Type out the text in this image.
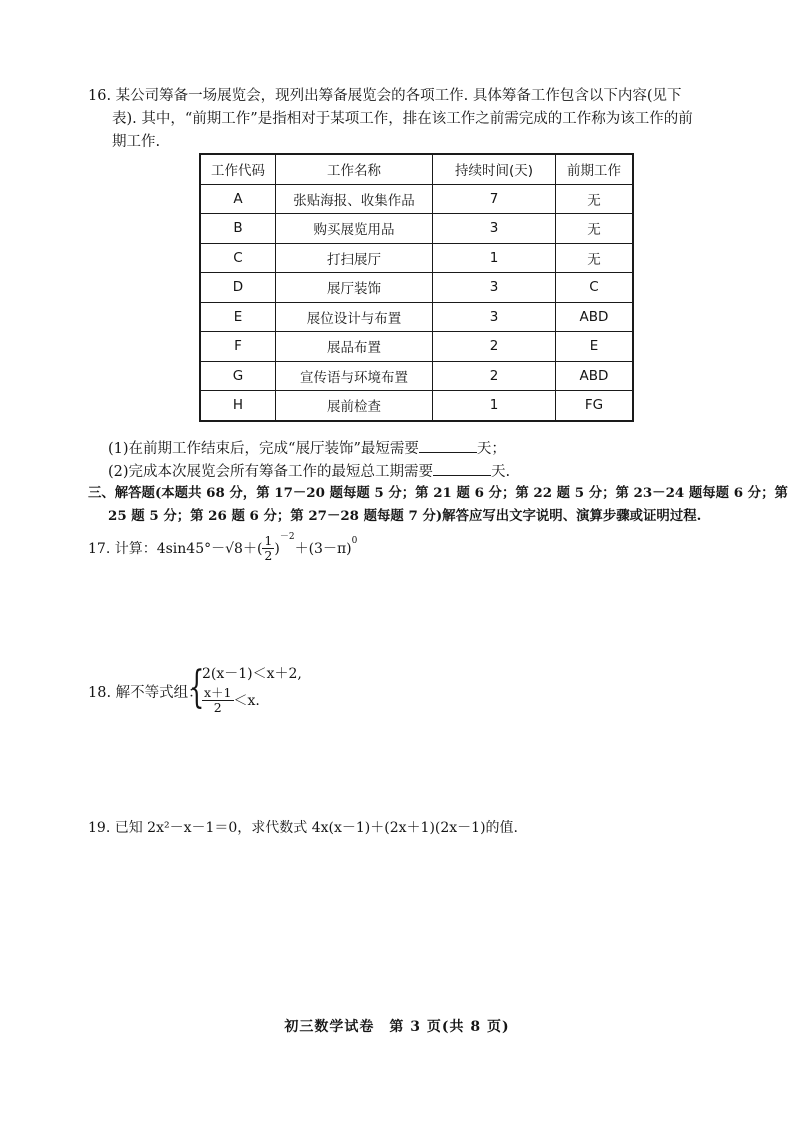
16. 某公司筹备一场展览会，现列出筹备展览会的各项工作. 具体筹备工作包含以下内容(见下
表). 其中，“前期工作”是指相对于某项工作，排在该工作之前需完成的工作称为该工作的前
期工作.
工作代码	工作名称	持续时间(天)	前期工作
A	张贴海报、收集作品	7	无
B	购买展览用品	3	无
C	打扫展厅	1	无
D	展厅装饰	3	C
E	展位设计与布置	3	ABD
F	展品布置	2	E
G	宣传语与环境布置	2	ABD
H	展前检查	1	FG
(1)在前期工作结束后，完成“展厅装饰”最短需要	天；
(2)完成本次展览会所有筹备工作的最短总工期需要	天.
三、解答题(本题共 68 分，第 17－20 题每题 5 分；第 21 题 6 分；第 22 题 5 分；第 23－24 题每题 6 分；第
25 题 5 分；第 26 题 6 分；第 27－28 题每题 7 分)解答应写出文字说明、演算步骤或证明过程.
17. 计算： $4\sin 45^\circ-√8+( \frac{1}{2}$ )
$^{-2}$
$+(3-\pi)^0$
18. 解不等式组：
{
2(x－1)＜x＋2,
$\frac{x+1}{2} <x$.
19. 已知 2x²－x－1＝0，求代数式 4x(x－1)＋(2x＋1)(2x－1)的值.
初三数学试卷　第 3 页(共 8 页)
